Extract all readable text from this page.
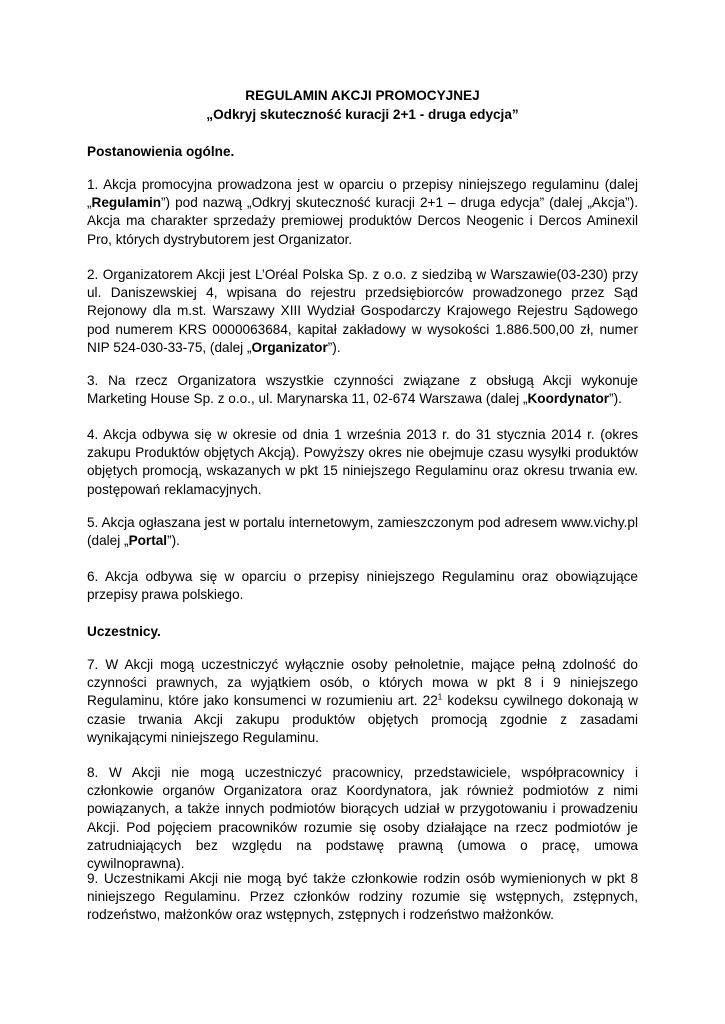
REGULAMIN AKCJI PROMOCYJNEJ
„Odkryj skuteczność kuracji 2+1 - druga edycja”
Postanowienia ogólne.

1. Akcja promocyjna prowadzona jest w oparciu o przepisy niniejszego regulaminu (dalej „Regulamin”) pod nazwą „Odkryj skuteczność kuracji 2+1 – druga edycja” (dalej „Akcja”). Akcja ma charakter sprzedaży premiowej produktów Dercos Neogenic i Dercos Aminexil Pro, których dystrybutorem jest Organizator.

2. Organizatorem Akcji jest L’Oréal Polska Sp. z o.o. z siedzibą w Warszawie(03-230) przy ul. Daniszewskiej 4, wpisana do rejestru przedsiębiorców prowadzonego przez Sąd Rejonowy dla m.st. Warszawy XIII Wydział Gospodarczy Krajowego Rejestru Sądowego pod numerem KRS 0000063684, kapitał zakładowy w wysokości 1.886.500,00 zł, numer NIP 524-030-33-75, (dalej „Organizator”).

3. Na rzecz Organizatora wszystkie czynności związane z obsługą Akcji wykonuje Marketing House Sp. z o.o., ul. Marynarska 11, 02-674 Warszawa (dalej „Koordynator”).

4. Akcja odbywa się w okresie od dnia 1 września 2013 r. do 31 stycznia 2014 r. (okres zakupu Produktów objętych Akcją). Powyższy okres nie obejmuje czasu wysyłki produktów objętych promocją, wskazanych w pkt 15 niniejszego Regulaminu oraz okresu trwania ew. postępowań reklamacyjnych.

5. Akcja ogłaszana jest w portalu internetowym, zamieszczonym pod adresem www.vichy.pl (dalej „Portal”).

6. Akcja odbywa się w oparciu o przepisy niniejszego Regulaminu oraz obowiązujące przepisy prawa polskiego.

Uczestnicy.

7. W Akcji mogą uczestniczyć wyłącznie osoby pełnoletnie, mające pełną zdolność do czynności prawnych, za wyjątkiem osób, o których mowa w pkt 8 i 9 niniejszego Regulaminu, które jako konsumenci w rozumieniu art. $22^1$ kodeksu cywilnego dokonają w czasie trwania Akcji zakupu produktów objętych promocją zgodnie z zasadami wynikającymi niniejszego Regulaminu.

8. W Akcji nie mogą uczestniczyć pracownicy, przedstawiciele, współpracownicy i członkowie organów Organizatora oraz Koordynatora, jak również podmiotów z nimi powiązanych, a także innych podmiotów biorących udział w przygotowaniu i prowadzeniu Akcji. Pod pojęciem pracowników rozumie się osoby działające na rzecz podmiotów je zatrudniających bez względu na podstawę prawną (umowa o pracę, umowa cywilnoprawna).

9. Uczestnikami Akcji nie mogą być także członkowie rodzin osób wymienionych w pkt 8 niniejszego Regulaminu. Przez członków rodziny rozumie się wstępnych, zstępnych, rodzeństwo, małżonków oraz wstępnych, zstępnych i rodzeństwo małżonków.
